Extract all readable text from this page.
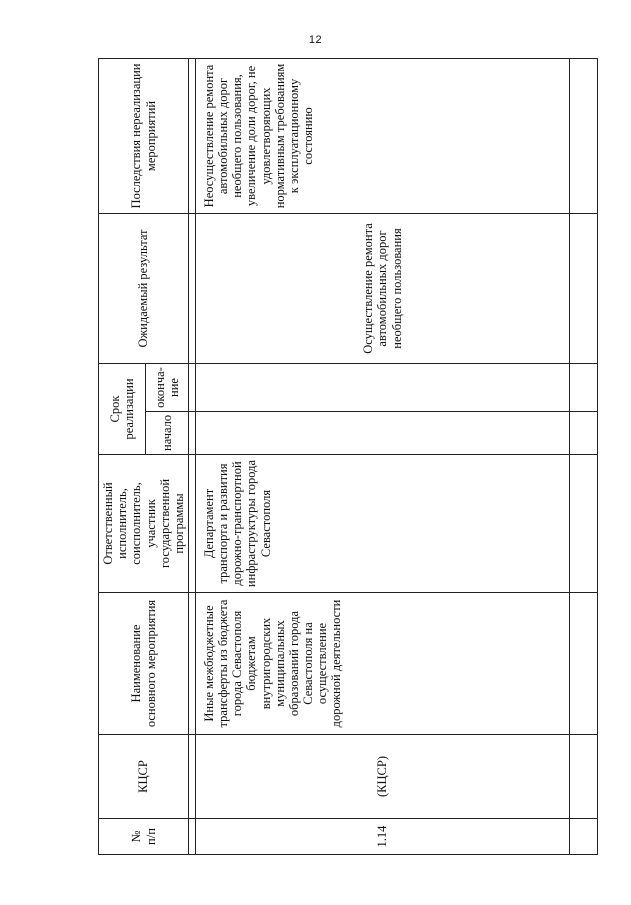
12
№
п/п	КЦСР	Наименование основного мероприятия	Ответственный исполнитель, соисполнитель, участник государственной программы	Срок реализации		Ожидаемый результат	Последствия нереализации мероприятий
				начало	оконча-
ние		

1.14	(КЦСР)	Иные межбюджетные трансферты из бюджета города Севастополя бюджетам внутригородских муниципальных образований города Севастополя на осуществление дорожной деятельности	Департамент транспорта и развития дорожно-транспортной инфраструктуры города Севастополя			Осуществление ремонта автомобильных дорог необщего пользования	Неосуществление ремонта автомобильных дорог необщего пользования, увеличение доли дорог, не удовлетворяющих нормативным требованиям к эксплуатационному состоянию
